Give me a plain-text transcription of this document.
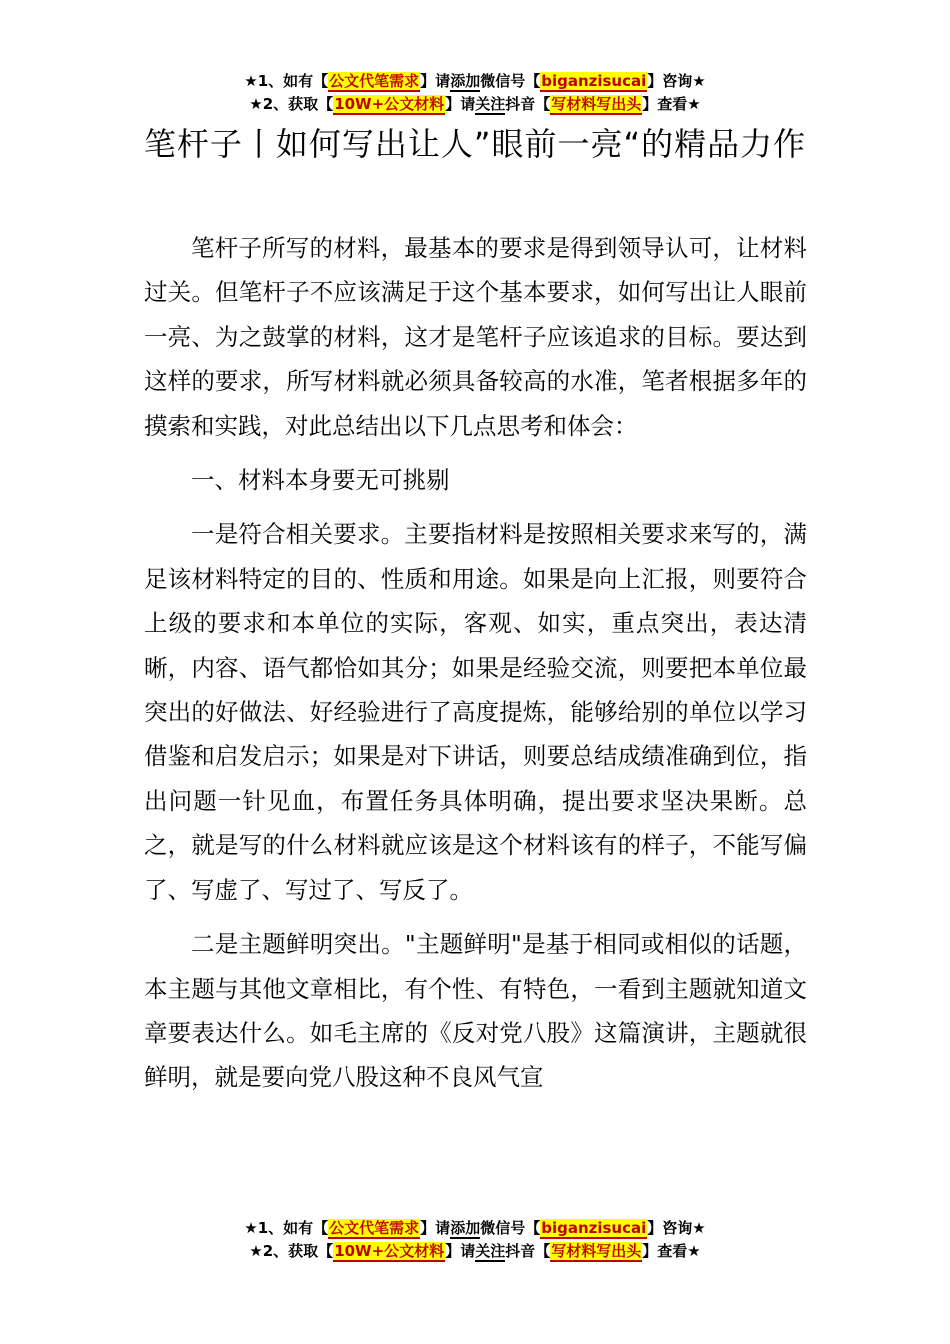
★1、如有【公文代笔需求】请添加微信号【biganzisucai】咨询★
★2、获取【10W+公文材料】请关注抖音【写材料写出头】查看★
笔杆子丨如何写出让人”眼前一亮“的精品力作

笔杆子所写的材料，最基本的要求是得到领导认可，让材料过关。但笔杆子不应该满足于这个基本要求，如何写出让人眼前一亮、为之鼓掌的材料，这才是笔杆子应该追求的目标。要达到这样的要求，所写材料就必须具备较高的水准，笔者根据多年的摸索和实践，对此总结出以下几点思考和体会：

一、材料本身要无可挑剔

一是符合相关要求。主要指材料是按照相关要求来写的，满足该材料特定的目的、性质和用途。如果是向上汇报，则要符合上级的要求和本单位的实际，客观、如实，重点突出，表达清晰，内容、语气都恰如其分；如果是经验交流，则要把本单位最突出的好做法、好经验进行了高度提炼，能够给别的单位以学习借鉴和启发启示；如果是对下讲话，则要总结成绩准确到位，指出问题一针见血，布置任务具体明确，提出要求坚决果断。总之，就是写的什么材料就应该是这个材料该有的样子，不能写偏了、写虚了、写过了、写反了。

二是主题鲜明突出。"主题鲜明"是基于相同或相似的话题，本主题与其他文章相比，有个性、有特色，一看到主题就知道文章要表达什么。如毛主席的《反对党八股》这篇演讲，主题就很鲜明，就是要向党八股这种不良风气宣

★1、如有【公文代笔需求】请添加微信号【biganzisucai】咨询★
★2、获取【10W+公文材料】请关注抖音【写材料写出头】查看★
